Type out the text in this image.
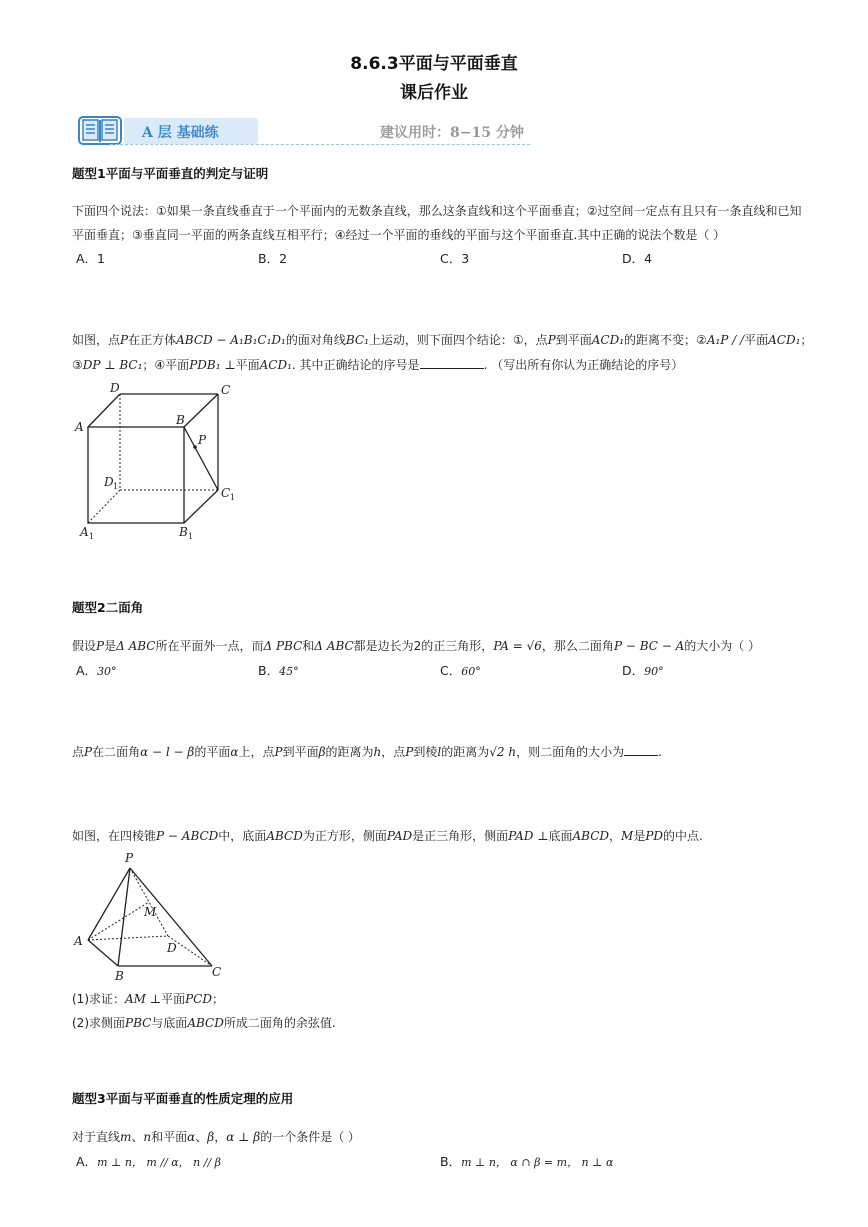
8.6.3平面与平面垂直
课后作业
A 层 基础练	建议用时：8−15 分钟
题型1平面与平面垂直的判定与证明
下面四个说法：①如果一条直线垂直于一个平面内的无数条直线，那么这条直线和这个平面垂直；②过空间一定点有且只有一条直线和已知
平面垂直；③垂直同一平面的两条直线互相平行；④经过一个平面的垂线的平面与这个平面垂直.其中正确的说法个数是（ ）
A．1	B．2	C．3	D．4
如图，点P在正方体ABCD − A₁B₁C₁D₁的面对角线BC₁上运动，则下面四个结论：①，点P到平面ACD₁的距离不变；②A₁P / /平面ACD₁；
③DP ⊥ BC₁；④平面PDB₁ ⊥平面ACD₁. 其中正确结论的序号是	. （写出所有你认为正确结论的序号）
D	C
A	B
P
D 1	C 1
A 1	B 1
题型2二面角
假设P是Δ ABC所在平面外一点，而Δ PBC和Δ ABC都是边长为2的正三角形，PA = √6，那么二面角P − BC − A的大小为（ ）
A．30°	B．45°	C．60°	D．90°
点P在二面角α − l − β的平面α上，点P到平面β的距离为h，点P到棱l的距离为√2 h，则二面角的大小为	.
如图，在四棱锥P − ABCD中，底面ABCD为正方形，侧面PAD是正三角形，侧面PAD ⊥底面ABCD，M是PD的中点.
P
M
A	D
B	C
(1)求证：AM ⊥平面PCD；
(2)求侧面PBC与底面ABCD所成二面角的余弦值.
题型3平面与平面垂直的性质定理的应用
对于直线m、n和平面α、β，α ⊥ β的一个条件是（ ）
A．m ⊥ n， m // α， n // β	B．m ⊥ n， α ∩ β = m， n ⊥ α
